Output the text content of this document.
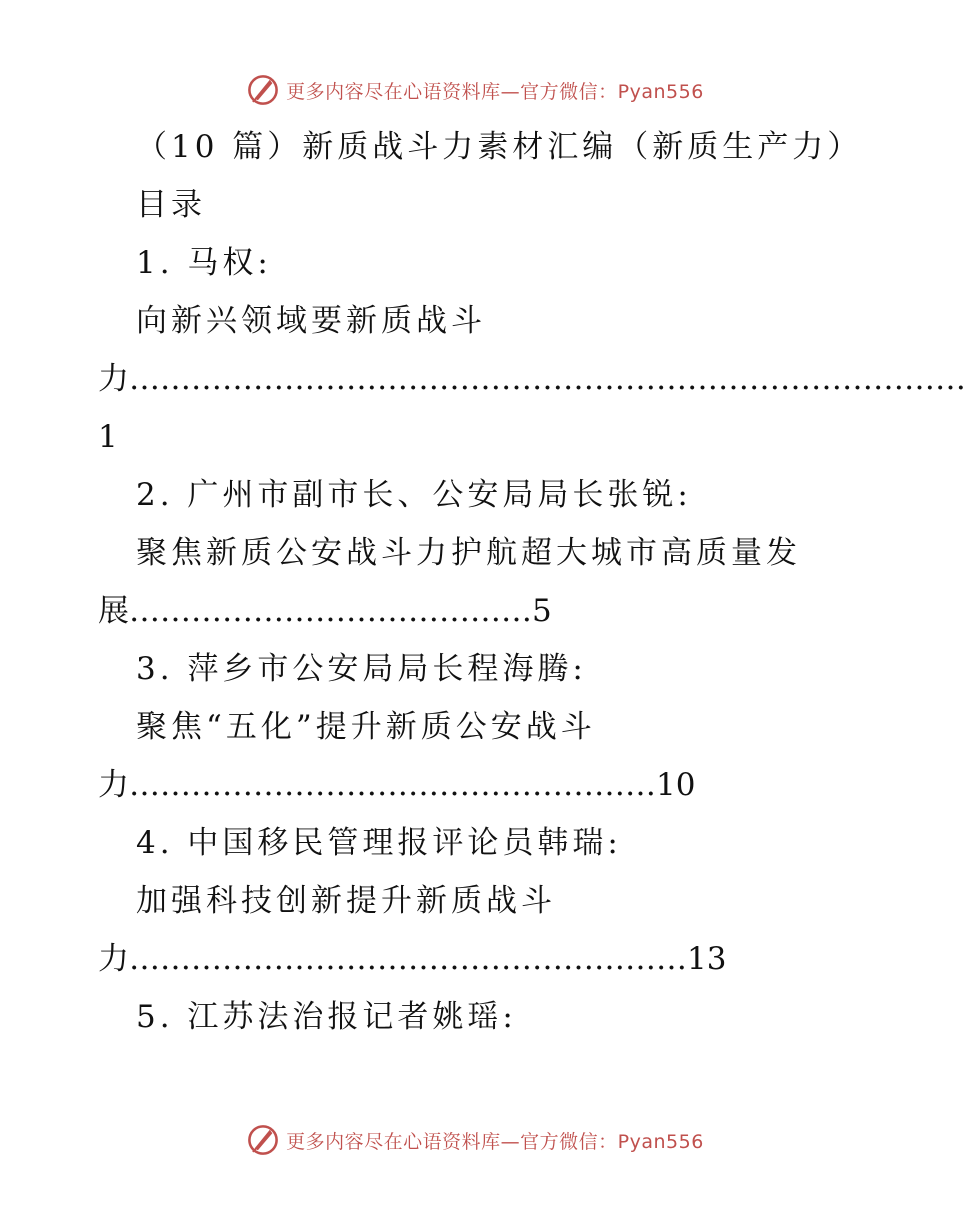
更多内容尽在心语资料库—官方微信：Pyan556
（10 篇）新质战斗力素材汇编（新质生产力）
目录
1. 马权:
向新兴领域要新质战斗
力………………………………………………………………………
1
2. 广州市副市长、公安局局长张锐:
聚焦新质公安战斗力护航超大城市高质量发
展…………………………………5
3. 萍乡市公安局局长程海腾:
聚焦“五化”提升新质公安战斗
力……………………………………………10
4. 中国移民管理报评论员韩瑞:
加强科技创新提升新质战斗
力………………………………………………13
5. 江苏法治报记者姚瑶:
更多内容尽在心语资料库—官方微信：Pyan556
